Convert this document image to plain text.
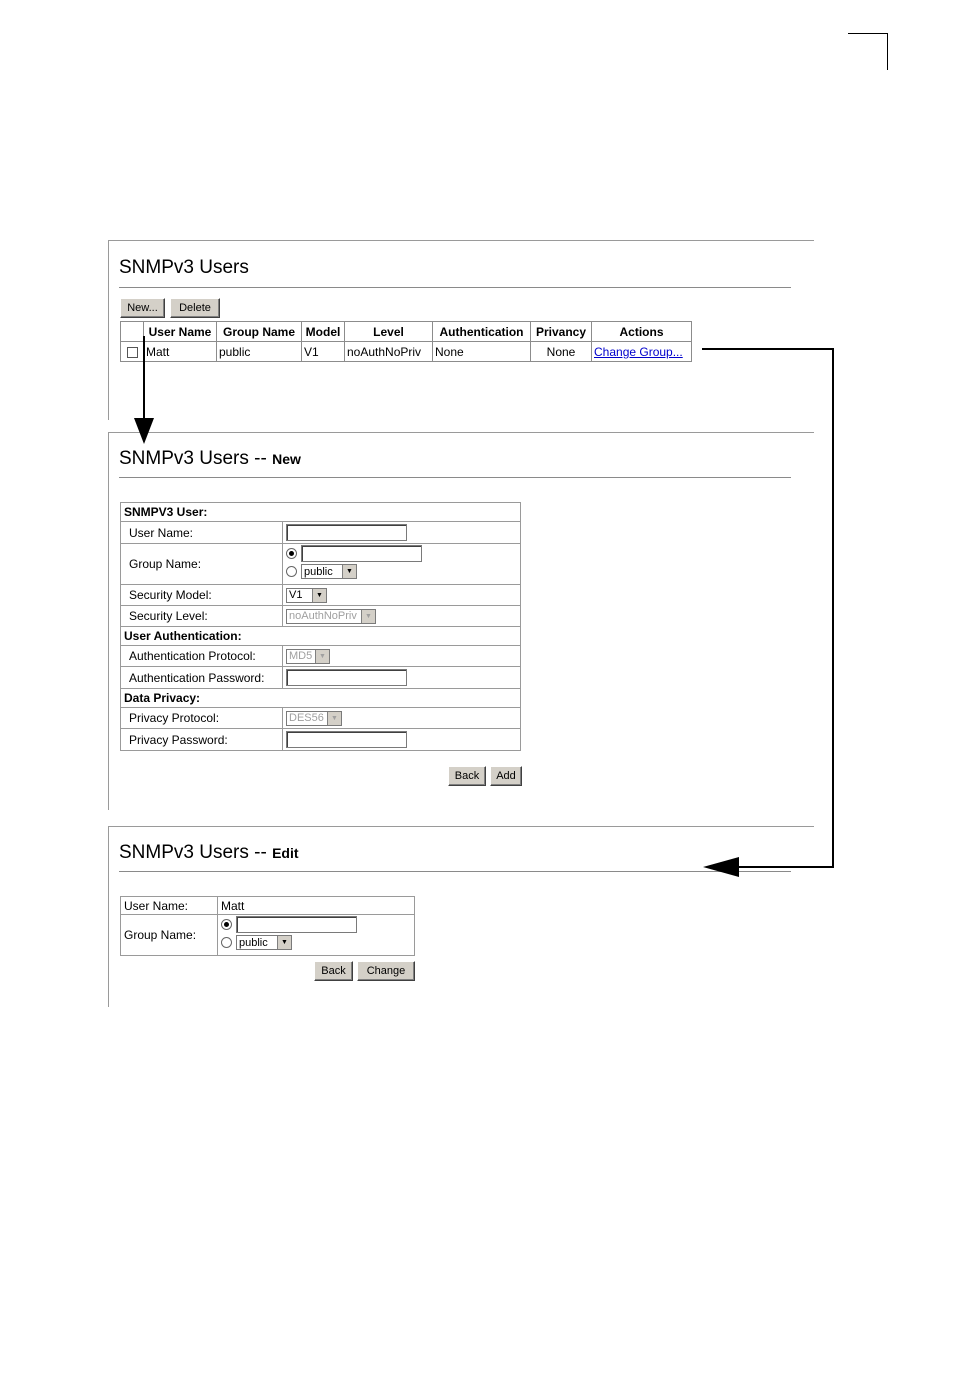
SNMPv3 Users
New...	Delete
	User Name	Group Name	Model	Level	Authentication	Privancy	Actions
	Matt	public	V1	noAuthNoPriv	None	None	Change Group...
SNMPv3 Users -- New
SNMPV3 User:	
User Name:	
Group Name:	public ▼

Security Model:	V1 ▼

Security Level:	noAuthNoPriv ▼

User Authentication:	
Authentication Protocol:	MD5 ▼

Authentication Password:	
Data Privacy:	
Privacy Protocol:	DES56 ▼

Privacy Password:	
Back	Add
SNMPv3 Users -- Edit
User Name:	Matt
Group Name:	public ▼
Back	Change
